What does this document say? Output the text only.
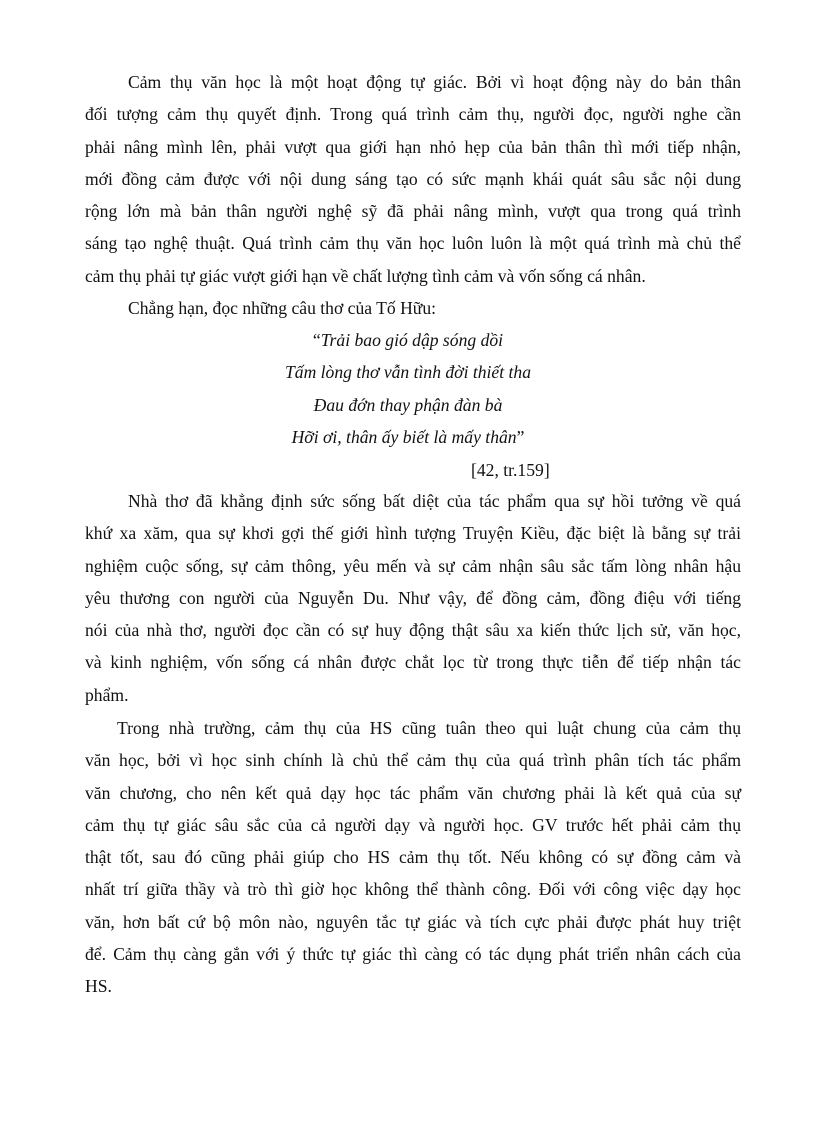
Cảm thụ văn học là một hoạt động tự giác. Bởi vì hoạt động này do bản thân
đối tượng cảm thụ quyết định. Trong quá trình cảm thụ, người đọc, người nghe cần
phải nâng mình lên, phải vượt qua giới hạn nhỏ hẹp của bản thân thì mới tiếp nhận,
mới đồng cảm được với nội dung sáng tạo có sức mạnh khái quát sâu sắc nội dung
rộng lớn mà bản thân người nghệ sỹ đã phải nâng mình, vượt qua trong quá trình
sáng tạo nghệ thuật. Quá trình cảm thụ văn học luôn luôn là một quá trình mà chủ thể
cảm thụ phải tự giác vượt giới hạn về chất lượng tình cảm và vốn sống cá nhân.
Chẳng hạn, đọc những câu thơ của Tố Hữu:
“Trải bao gió dập sóng dồi
Tấm lòng thơ vẫn tình đời thiết tha
Đau đớn thay phận đàn bà
Hỡi ơi, thân ấy biết là mấy thân”
[42, tr.159]
Nhà thơ đã khẳng định sức sống bất diệt của tác phẩm qua sự hồi tưởng về quá
khứ xa xăm, qua sự khơi gợi thế giới hình tượng Truyện Kiều, đặc biệt là bằng sự trải
nghiệm cuộc sống, sự cảm thông, yêu mến và sự cảm nhận sâu sắc tấm lòng nhân hậu
yêu thương con người của Nguyễn Du. Như vậy, để đồng cảm, đồng điệu với tiếng
nói của nhà thơ, người đọc cần có sự huy động thật sâu xa kiến thức lịch sử, văn học,
và kinh nghiệm, vốn sống cá nhân được chắt lọc từ trong thực tiễn để tiếp nhận tác
phẩm.
Trong nhà trường, cảm thụ của HS cũng tuân theo qui luật chung của cảm thụ
văn học, bởi vì học sinh chính là chủ thể cảm thụ của quá trình phân tích tác phẩm
văn chương, cho nên kết quả dạy học tác phẩm văn chương phải là kết quả của sự
cảm thụ tự giác sâu sắc của cả người dạy và người học. GV trước hết phải cảm thụ
thật tốt, sau đó cũng phải giúp cho HS cảm thụ tốt. Nếu không có sự đồng cảm và
nhất trí giữa thầy và trò thì giờ học không thể thành công. Đối với công việc dạy học
văn, hơn bất cứ bộ môn nào, nguyên tắc tự giác và tích cực phải được phát huy triệt
để. Cảm thụ càng gắn với ý thức tự giác thì càng có tác dụng phát triển nhân cách của
HS.
